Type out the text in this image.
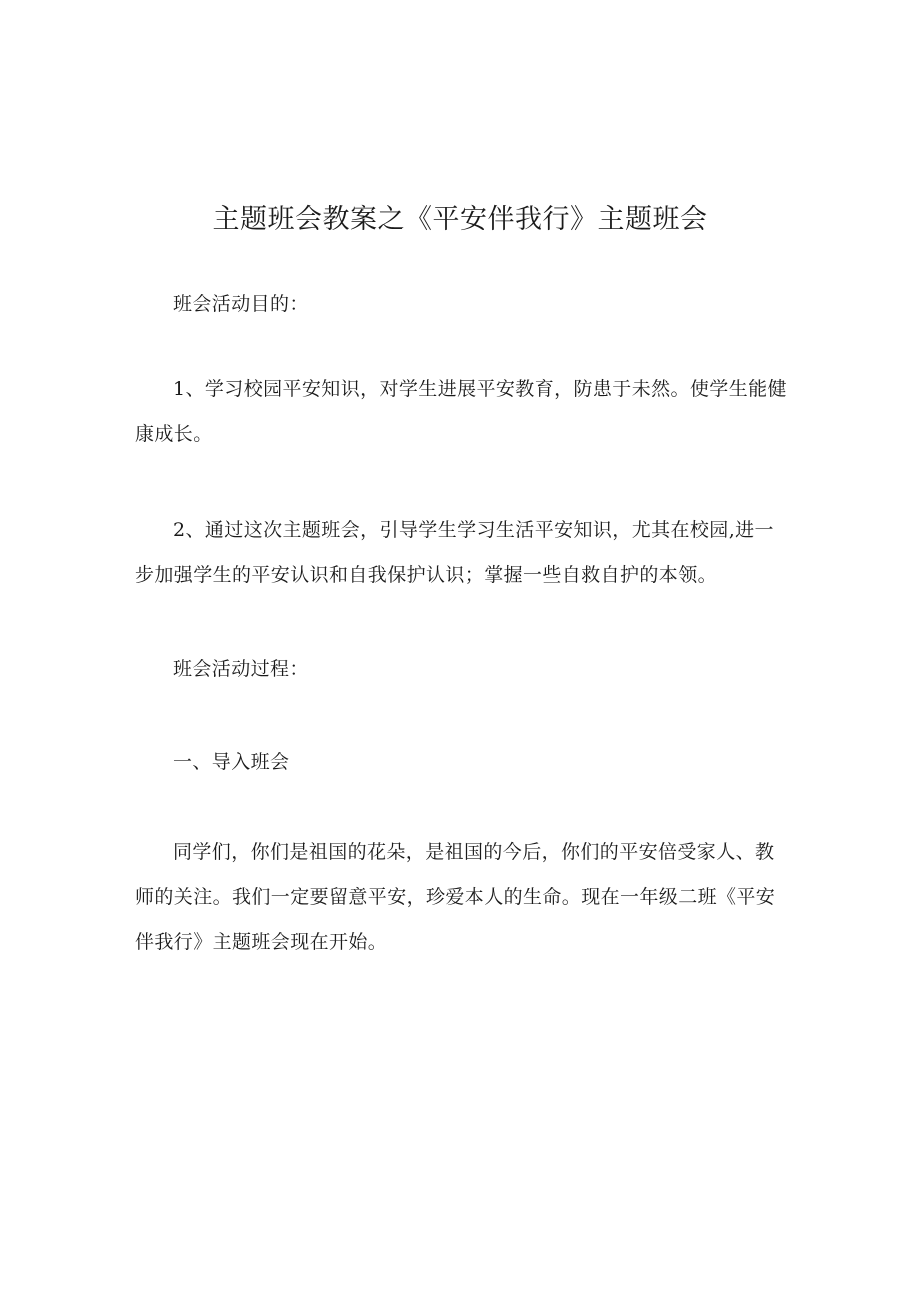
主题班会教案之《平安伴我行》主题班会

班会活动目的：

1、学习校园平安知识，对学生进展平安教育，防患于未然。使学生能健康成长。

2、通过这次主题班会，引导学生学习生活平安知识，尤其在校园,进一步加强学生的平安认识和自我保护认识；掌握一些自救自护的本领。

班会活动过程：

一、导入班会

同学们，你们是祖国的花朵，是祖国的今后，你们的平安倍受家人、教师的关注。我们一定要留意平安，珍爱本人的生命。现在一年级二班《平安伴我行》主题班会现在开始。
